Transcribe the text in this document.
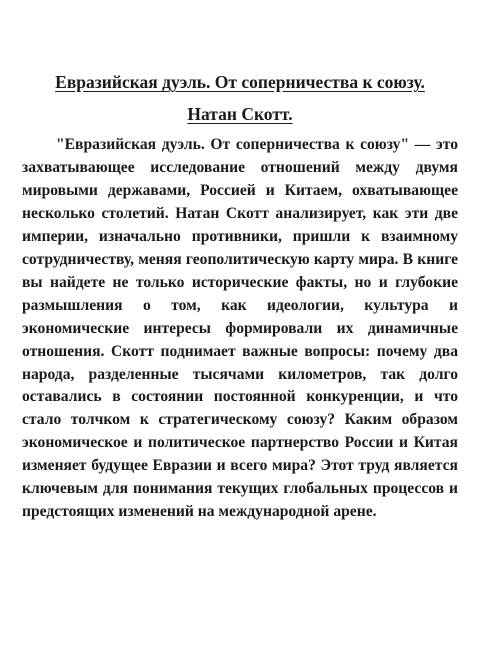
Евразийская дуэль. От соперничества к союзу.
Натан Скотт.

"Евразийская дуэль. От соперничества к союзу" — это захватывающее исследование отношений между двумя мировыми державами, Россией и Китаем, охватывающее несколько столетий. Натан Скотт анализирует, как эти две империи, изначально противники, пришли к взаимному сотрудничеству, меняя геополитическую карту мира. В книге вы найдете не только исторические факты, но и глубокие размышления о том, как идеологии, культура и экономические интересы формировали их динамичные отношения. Скотт поднимает важные вопросы: почему два народа, разделенные тысячами километров, так долго оставались в состоянии постоянной конкуренции, и что стало толчком к стратегическому союзу? Каким образом экономическое и политическое партнерство России и Китая изменяет будущее Евразии и всего мира? Этот труд является ключевым для понимания текущих глобальных процессов и предстоящих изменений на международной арене.
